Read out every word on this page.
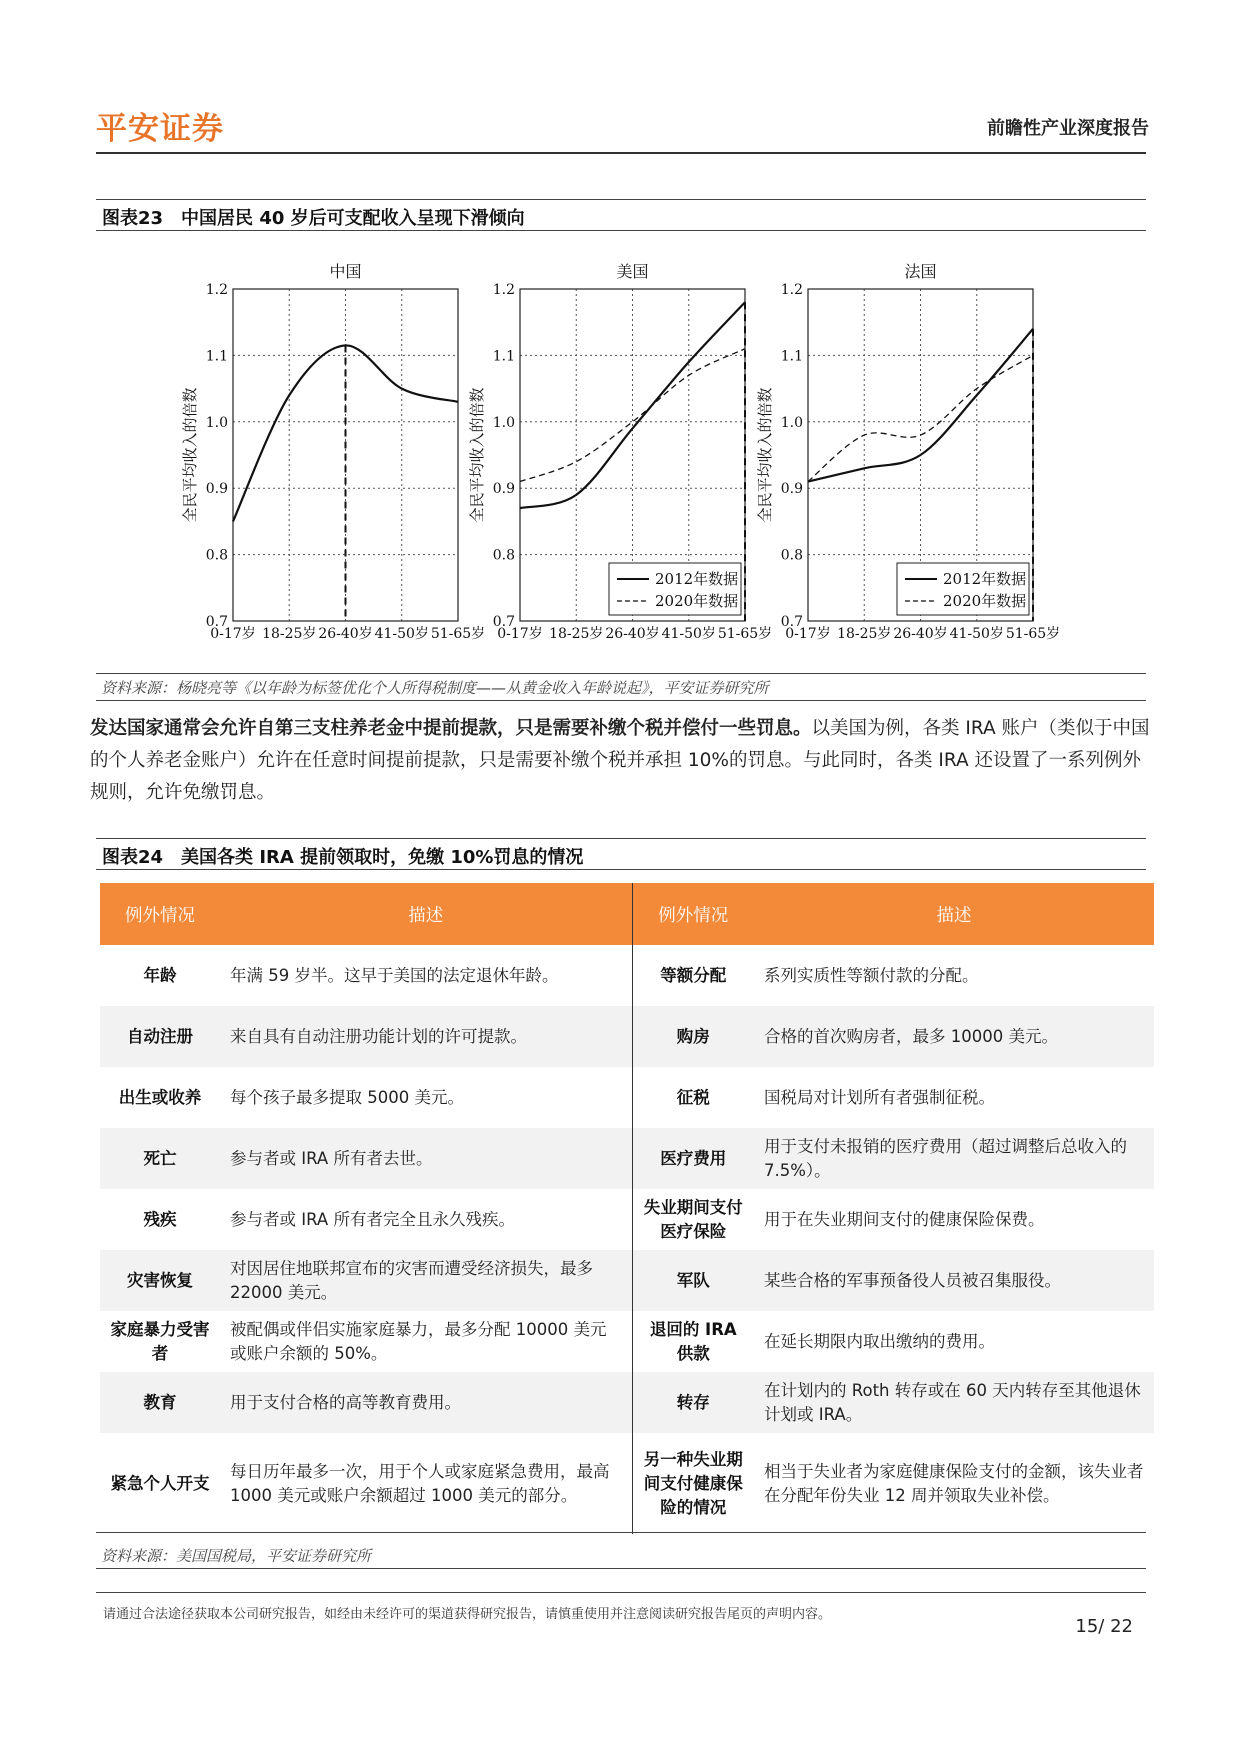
平安证券	前瞻性产业深度报告
图表23　中国居民 40 岁后可支配收入呈现下滑倾向
中国
0.7
0.8
0.9
1.0
1.1
1.2
0-17岁 18-25岁 26-40岁 41-50岁 51-65岁
全民平均收入的倍数
美国
0.7
0.8
0.9
1.0
1.1
1.2
0-17岁 18-25岁 26-40岁 41-50岁 51-65岁
全民平均收入的倍数
2012年数据
2020年数据
法国
0.7
0.8
0.9
1.0
1.1
1.2
0-17岁 18-25岁 26-40岁 41-50岁 51-65岁
全民平均收入的倍数
2012年数据
2020年数据
资料来源：杨晓亮等《以年龄为标签优化个人所得税制度——从黄金收入年龄说起》，平安证券研究所
发达国家通常会允许自第三支柱养老金中提前提款，只是需要补缴个税并偿付一些罚息。以美国为例，各类 IRA 账户（类似于中国的个人养老金账户）允许在任意时间提前提款，只是需要补缴个税并承担 10%的罚息。与此同时，各类 IRA 还设置了一系列例外规则，允许免缴罚息。
图表24　美国各类 IRA 提前领取时，免缴 10%罚息的情况
例外情况	描述	例外情况	描述
年龄	年满 59 岁半。这早于美国的法定退休年龄。	等额分配	系列实质性等额付款的分配。
自动注册	来自具有自动注册功能计划的许可提款。	购房	合格的首次购房者，最多 10000 美元。
出生或收养	每个孩子最多提取 5000 美元。	征税	国税局对计划所有者强制征税。
死亡	参与者或 IRA 所有者去世。	医疗费用	用于支付未报销的医疗费用（超过调整后总收入的 7.5%）。
残疾	参与者或 IRA 所有者完全且永久残疾。	失业期间支付医疗保险	用于在失业期间支付的健康保险保费。
灾害恢复	对因居住地联邦宣布的灾害而遭受经济损失，最多 22000 美元。	军队	某些合格的军事预备役人员被召集服役。
家庭暴力受害者	被配偶或伴侣实施家庭暴力，最多分配 10000 美元或账户余额的 50%。	退回的 IRA 供款	在延长期限内取出缴纳的费用。
教育	用于支付合格的高等教育费用。	转存	在计划内的 Roth 转存或在 60 天内转存至其他退休计划或 IRA。
紧急个人开支	每日历年最多一次，用于个人或家庭紧急费用，最高 1000 美元或账户余额超过 1000 美元的部分。	另一种失业期间支付健康保险的情况	相当于失业者为家庭健康保险支付的金额，该失业者在分配年份失业 12 周并领取失业补偿。
资料来源：美国国税局，平安证券研究所
请通过合法途径获取本公司研究报告，如经由未经许可的渠道获得研究报告，请慎重使用并注意阅读研究报告尾页的声明内容。
15/ 22
